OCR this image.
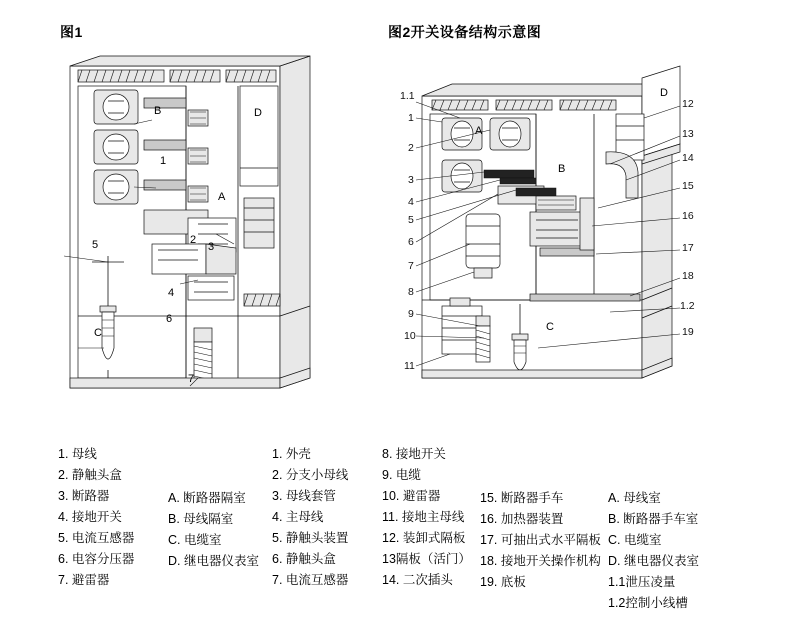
图1	图2开关设备结构示意图
B
1
A
D
2
3
4
5
6
7
C
A
B
C
D
1.1
1
2
3
4
5
6
7
8
9
10
11
12
13
14
15
16
17
18
1.2
19
1. 母线
2. 静触头盒
3. 断路器
4. 接地开关
5. 电流互感器
6. 电容分压器
7. 避雷器
A. 断路器隔室
B. 母线隔室
C. 电缆室
D. 继电器仪表室
1. 外壳
2. 分支小母线
3. 母线套管
4. 主母线
5. 静触头装置
6. 静触头盒
7. 电流互感器
8. 接地开关
9. 电缆
10. 避雷器
11. 接地主母线
12. 装卸式隔板
13隔板（活门）
14. 二次插头
15. 断路器手车
16. 加热器装置
17. 可抽出式水平隔板
18. 接地开关操作机构
19. 底板
A. 母线室
B. 断路器手车室
C. 电缆室
D. 继电器仪表室
1.1泄压凌量
1.2控制小线槽
